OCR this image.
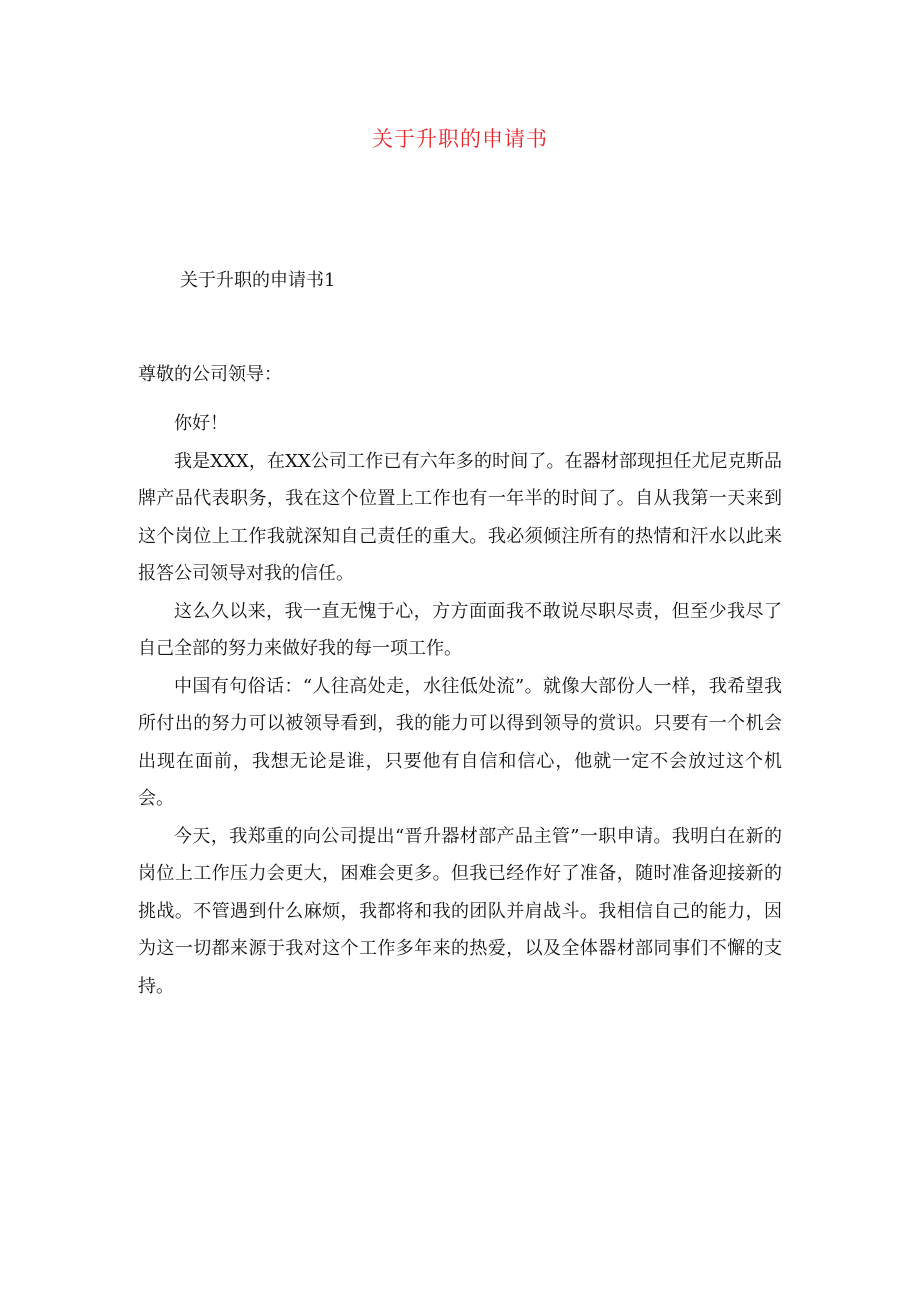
关于升职的申请书
关于升职的申请书1
尊敬的公司领导：

你好！

我是XXX，在XX公司工作已有六年多的时间了。在器材部现担任尤尼克斯品牌产品代表职务，我在这个位置上工作也有一年半的时间了。自从我第一天来到这个岗位上工作我就深知自己责任的重大。我必须倾注所有的热情和汗水以此来报答公司领导对我的信任。

这么久以来，我一直无愧于心，方方面面我不敢说尽职尽责，但至少我尽了自己全部的努力来做好我的每一项工作。

中国有句俗话：“人往高处走，水往低处流”。就像大部份人一样，我希望我所付出的努力可以被领导看到，我的能力可以得到领导的赏识。只要有一个机会出现在面前，我想无论是谁，只要他有自信和信心，他就一定不会放过这个机会。

今天，我郑重的向公司提出“晋升器材部产品主管”一职申请。我明白在新的岗位上工作压力会更大，困难会更多。但我已经作好了准备，随时准备迎接新的挑战。不管遇到什么麻烦，我都将和我的团队并肩战斗。我相信自己的能力，因为这一切都来源于我对这个工作多年来的热爱，以及全体器材部同事们不懈的支持。
